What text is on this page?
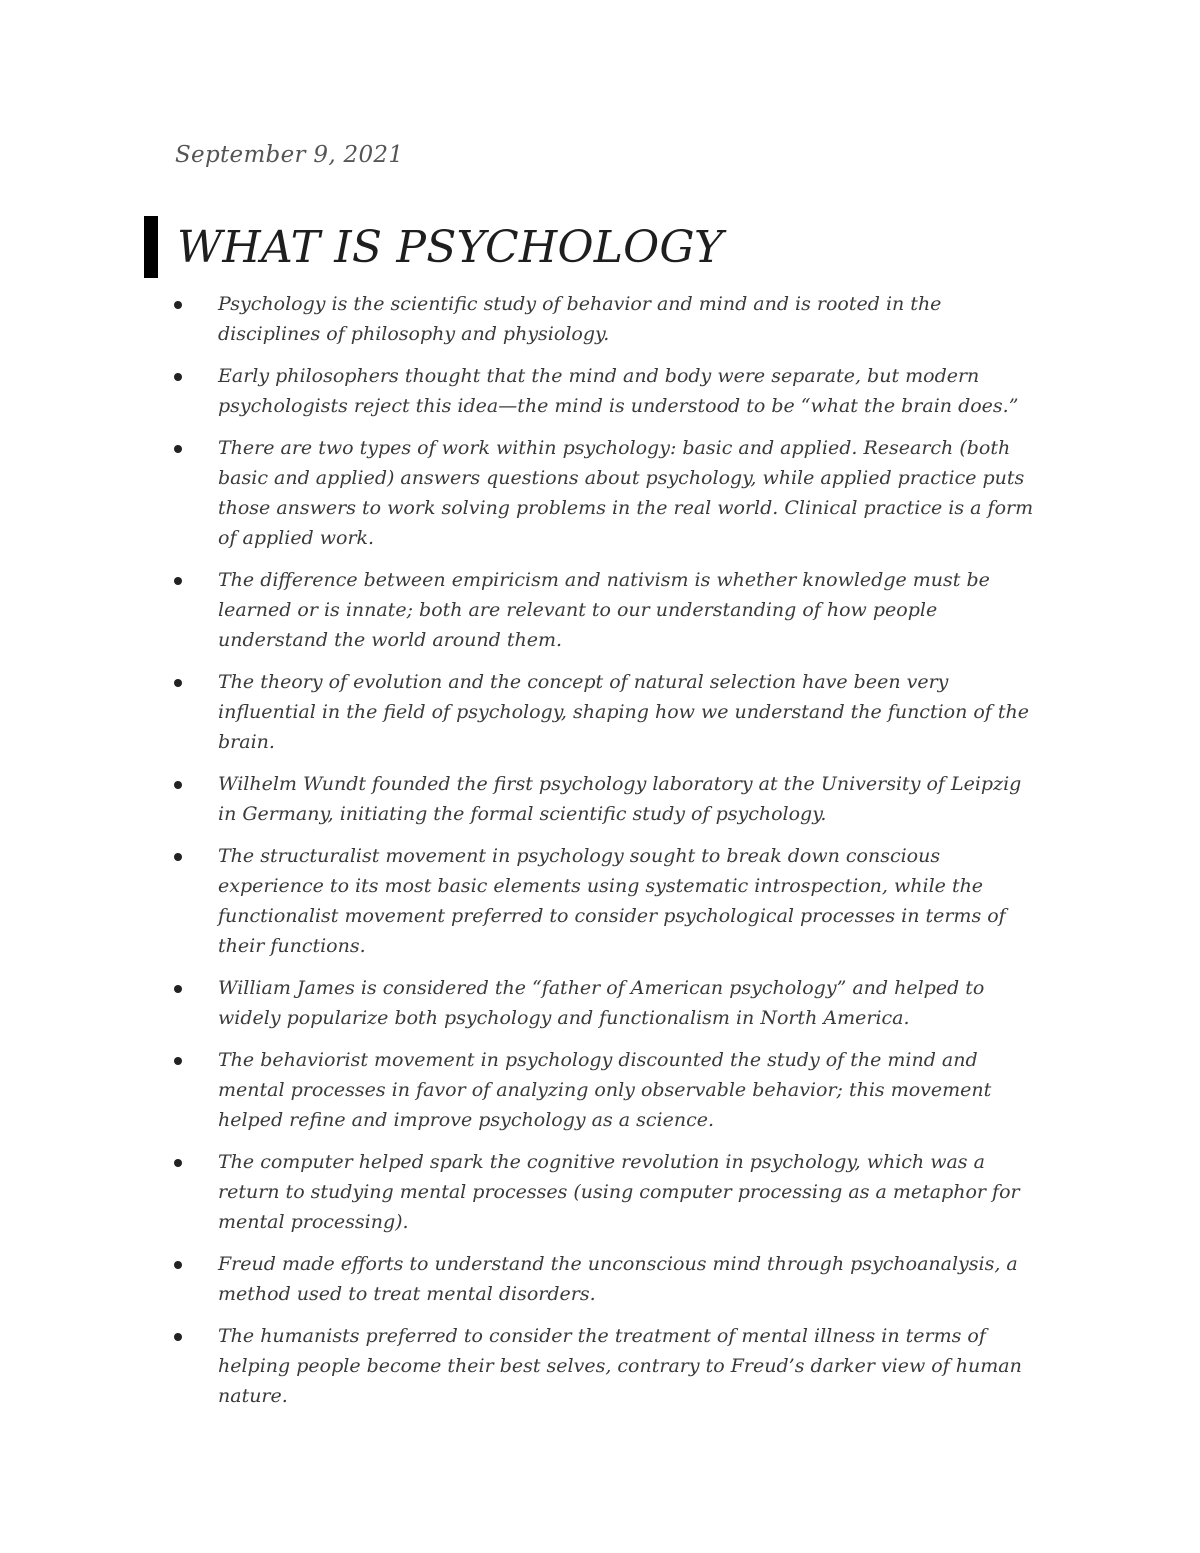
September 9, 2021
WHAT IS PSYCHOLOGY
Psychology is the scientific study of behavior and mind and is rooted in the disciplines of philosophy and physiology.
Early philosophers thought that the mind and body were separate, but modern psychologists reject this idea—the mind is understood to be “what the brain does.”
There are two types of work within psychology: basic and applied. Research (both basic and applied) answers questions about psychology, while applied practice puts those answers to work solving problems in the real world. Clinical practice is a form of applied work.
The difference between empiricism and nativism is whether knowledge must be learned or is innate; both are relevant to our understanding of how people understand the world around them.
The theory of evolution and the concept of natural selection have been very influential in the field of psychology, shaping how we understand the function of the brain.
Wilhelm Wundt founded the first psychology laboratory at the University of Leipzig in Germany, initiating the formal scientific study of psychology.
The structuralist movement in psychology sought to break down conscious experience to its most basic elements using systematic introspection, while the functionalist movement preferred to consider psychological processes in terms of their functions.
William James is considered the “father of American psychology” and helped to widely popularize both psychology and functionalism in North America.
The behaviorist movement in psychology discounted the study of the mind and mental processes in favor of analyzing only observable behavior; this movement helped refine and improve psychology as a science.
The computer helped spark the cognitive revolution in psychology, which was a return to studying mental processes (using computer processing as a metaphor for mental processing).
Freud made efforts to understand the unconscious mind through psychoanalysis, a method used to treat mental disorders.
The humanists preferred to consider the treatment of mental illness in terms of helping people become their best selves, contrary to Freud’s darker view of human nature.
